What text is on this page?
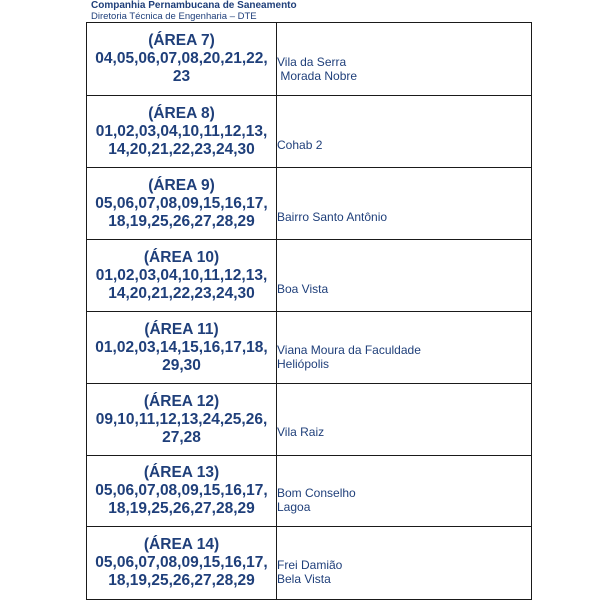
Companhia Pernambucana de Saneamento
Diretoria Técnica de Engenharia – DTE
(ÁREA 7)
04,05,06,07,08,20,21,22, 23	Vila da Serra
Morada Nobre

(ÁREA 8)
01,02,03,04,10,11,12,13, 14,20,21,22,23,24,30	Cohab 2

(ÁREA 9)
05,06,07,08,09,15,16,17, 18,19,25,26,27,28,29	Bairro Santo Antônio

(ÁREA 10)
01,02,03,04,10,11,12,13, 14,20,21,22,23,24,30	Boa Vista

(ÁREA 11)
01,02,03,14,15,16,17,18, 29,30	Viana Moura da Faculdade
Heliópolis

(ÁREA 12)
09,10,11,12,13,24,25,26, 27,28	Vila Raiz

(ÁREA 13)
05,06,07,08,09,15,16,17, 18,19,25,26,27,28,29	Bom Conselho
Lagoa

(ÁREA 14)
05,06,07,08,09,15,16,17, 18,19,25,26,27,28,29	Frei Damião
Bela Vista
